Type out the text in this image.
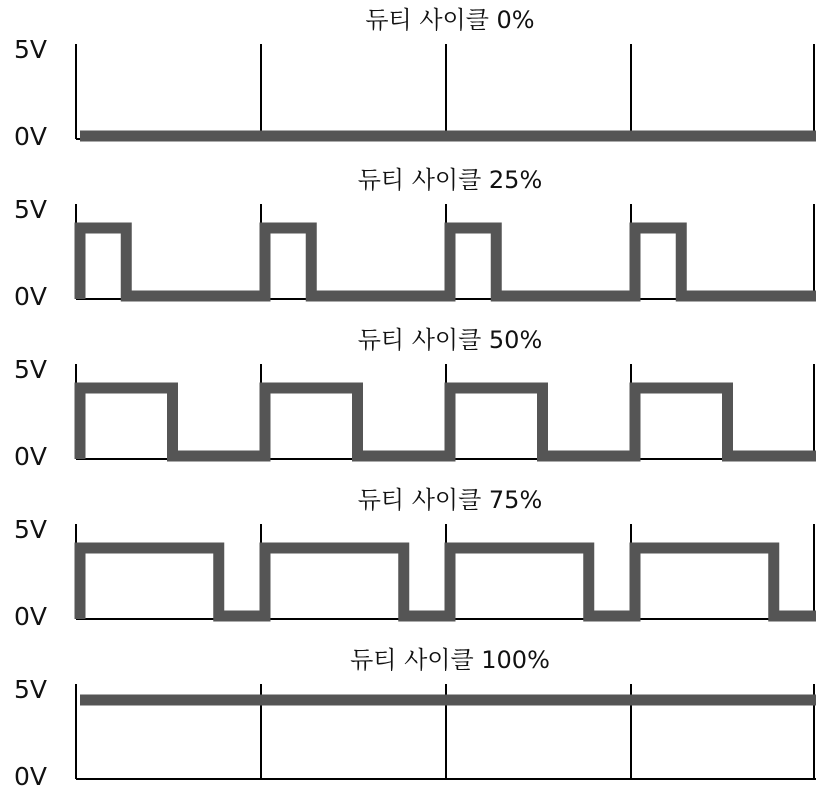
듀티 사이클 0%
5V
0V
듀티 사이클 25%
5V
0V
듀티 사이클 50%
5V
0V
듀티 사이클 75%
5V
0V
듀티 사이클 100%
5V
0V
